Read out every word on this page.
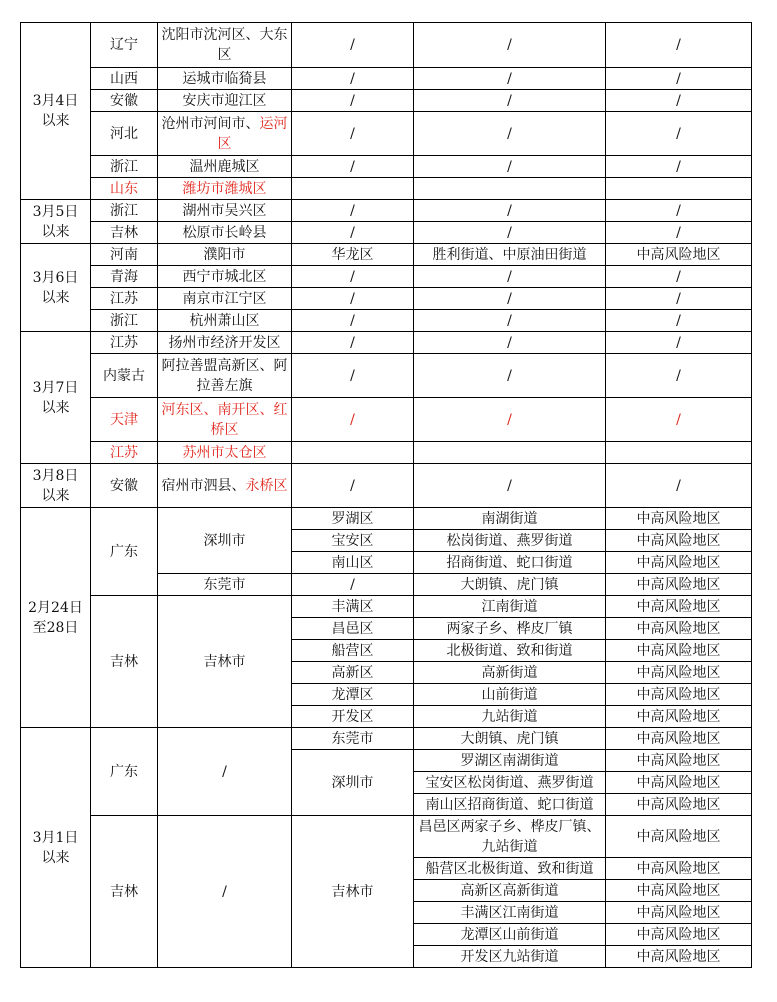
3月4日
以来	辽宁	沈阳市沈河区、大东区	/	/	/
	山西	运城市临猗县	/	/	/
	安徽	安庆市迎江区	/	/	/
	河北	沧州市河间市、运河区	/	/	/
	浙江	温州鹿城区	/	/	/
	山东	潍坊市潍城区			
3月5日
以来	浙江	湖州市吴兴区	/	/	/
	吉林	松原市长岭县	/	/	/
3月6日
以来	河南	濮阳市	华龙区	胜利街道、中原油田街道	中高风险地区
	青海	西宁市城北区	/	/	/
	江苏	南京市江宁区	/	/	/
	浙江	杭州萧山区	/	/	/
3月7日
以来	江苏	扬州市经济开发区	/	/	/
	内蒙古	阿拉善盟高新区、阿拉善左旗	/	/	/
	天津	河东区、南开区、红桥区	/	/	/
	江苏	苏州市太仓区			
3月8日
以来	安徽	宿州市泗县、永桥区	/	/	/
2月24日
至28日	广东	深圳市	罗湖区	南湖街道	中高风险地区
			宝安区	松岗街道、燕罗街道	中高风险地区
			南山区	招商街道、蛇口街道	中高风险地区
		东莞市	/	大朗镇、虎门镇	中高风险地区
	吉林	吉林市	丰满区	江南街道	中高风险地区
			昌邑区	两家子乡、桦皮厂镇	中高风险地区
			船营区	北极街道、致和街道	中高风险地区
			高新区	高新街道	中高风险地区
			龙潭区	山前街道	中高风险地区
			开发区	九站街道	中高风险地区
3月1日
以来	广东	/	东莞市	大朗镇、虎门镇	中高风险地区
			深圳市	罗湖区南湖街道	中高风险地区
				宝安区松岗街道、燕罗街道	中高风险地区
				南山区招商街道、蛇口街道	中高风险地区
	吉林	/	吉林市	昌邑区两家子乡、桦皮厂镇、九站街道	中高风险地区
				船营区北极街道、致和街道	中高风险地区
				高新区高新街道	中高风险地区
				丰满区江南街道	中高风险地区
				龙潭区山前街道	中高风险地区
				开发区九站街道	中高风险地区
